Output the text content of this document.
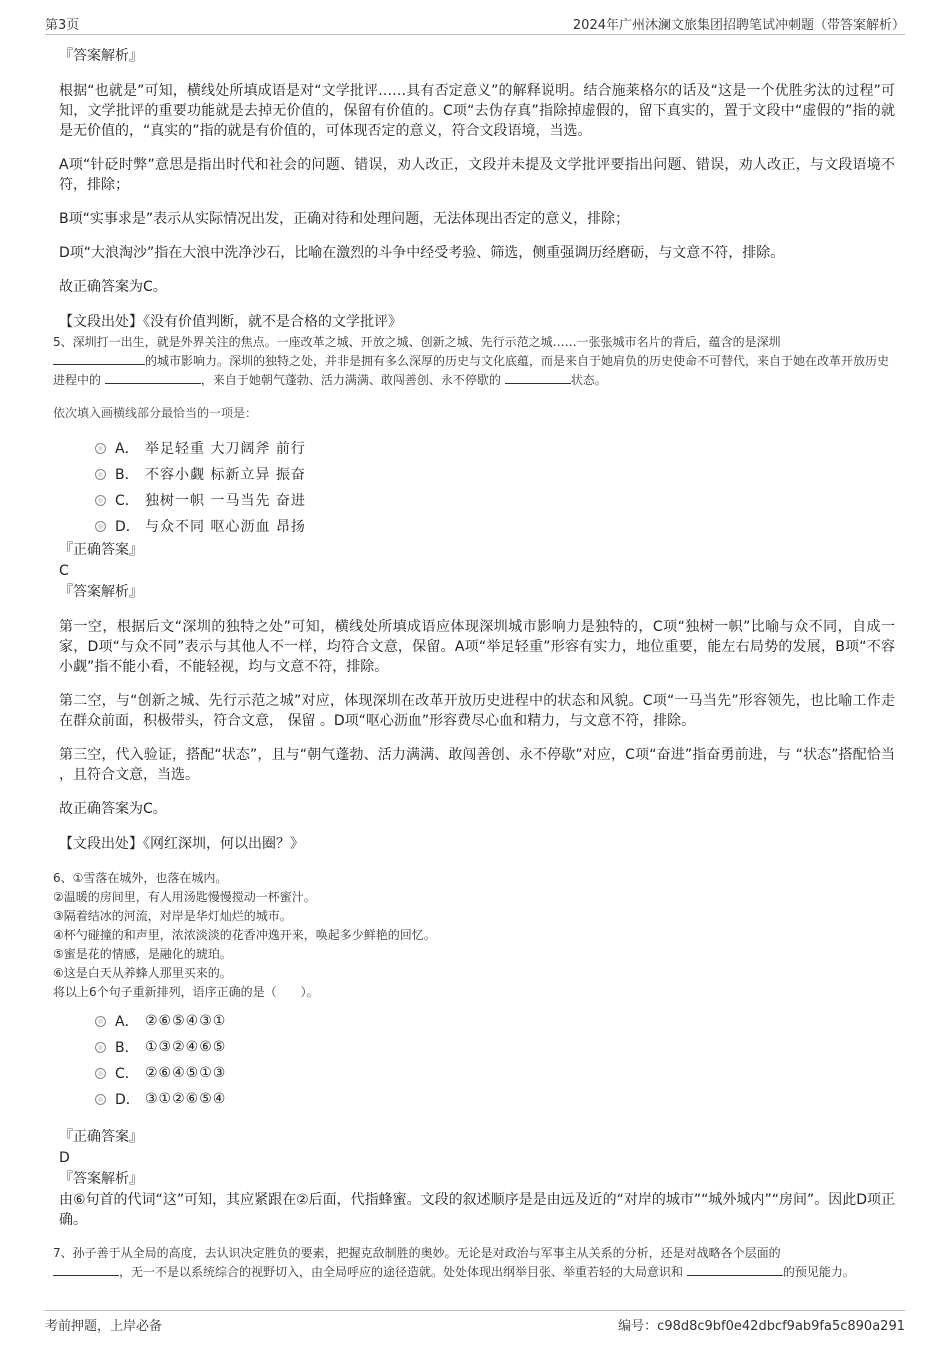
第3页	2024年广州沐澜文旅集团招聘笔试冲刺题（带答案解析）
『答案解析』

根据“也就是”可知，横线处所填成语是对“文学批评……具有否定意义”的解释说明。结合施莱格尔的话及“这是一个优胜劣汰的过程”可知，文学批评的重要功能就是去掉无价值的，保留有价值的。C项“去伪存真”指除掉虚假的，留下真实的，置于文段中“虚假的”指的就是无价值的，“真实的”指的就是有价值的，可体现否定的意义，符合文段语境，当选。

A项“针砭时弊”意思是指出时代和社会的问题、错误，劝人改正，文段并未提及文学批评要指出问题、错误，劝人改正，与文段语境不符，排除；

B项“实事求是”表示从实际情况出发，正确对待和处理问题，无法体现出否定的意义，排除；

D项“大浪淘沙”指在大浪中洗净沙石，比喻在激烈的斗争中经受考验、筛选，侧重强调历经磨砺，与文意不符，排除。

故正确答案为C。

【文段出处】《没有价值判断，就不是合格的文学批评》
5、深圳打一出生，就是外界关注的焦点。一座改革之城、开放之城、创新之城、先行示范之城……一张张城市名片的背后，蕴含的是深圳
的城市影响力。深圳的独特之处，并非是拥有多么深厚的历史与文化底蕴，而是来自于她肩负的历史使命不可替代，来自于她在改革开放历史进程中的	，来自于她朝气蓬勃、活力满满、敢闯善创、永不停歇的	状态。
依次填入画横线部分最恰当的一项是：
A． 举足轻重 大刀阔斧 前行
B． 不容小觑 标新立异 振奋
C． 独树一帜 一马当先 奋进
D． 与众不同 呕心沥血 昂扬
『正确答案』
C
『答案解析』

第一空，根据后文“深圳的独特之处”可知，横线处所填成语应体现深圳城市影响力是独特的，C项“独树一帜”比喻与众不同，自成一家，D项“与众不同”表示与其他人不一样，均符合文意，保留。A项“举足轻重”形容有实力，地位重要，能左右局势的发展，B项“不容小觑”指不能小看，不能轻视，均与文意不符，排除。

第二空，与“创新之城、先行示范之城”对应，体现深圳在改革开放历史进程中的状态和风貌。C项“一马当先”形容领先，也比喻工作走在群众前面，积极带头，符合文意， 保留 。D项“呕心沥血”形容费尽心血和精力，与文意不符，排除。

第三空，代入验证，搭配“状态”，且与“朝气蓬勃、活力满满、敢闯善创、永不停歇”对应，C项“奋进”指奋勇前进，与 “状态”搭配恰当 ，且符合文意，当选。

故正确答案为C。

【文段出处】《网红深圳，何以出圈？》
6、①雪落在城外，也落在城内。
②温暖的房间里，有人用汤匙慢慢搅动一杯蜜汁。
③隔着结冰的河流，对岸是华灯灿烂的城市。
④杯勺碰撞的和声里，浓浓淡淡的花香冲逸开来，唤起多少鲜艳的回忆。
⑤蜜是花的情感，是融化的琥珀。
⑥这是白天从养蜂人那里买来的。
将以上6个句子重新排列，语序正确的是（　　）。
A． ②⑥⑤④③①
B． ①③②④⑥⑤
C． ②⑥④⑤①③
D． ③①②⑥⑤④
『正确答案』
D
『答案解析』

由⑥句首的代词“这”可知，其应紧跟在②后面，代指蜂蜜。文段的叙述顺序是是由远及近的“对岸的城市”“城外城内”“房间”。因此D项正确。

7、孙子善于从全局的高度，去认识决定胜负的要素，把握克敌制胜的奥妙。无论是对政治与军事主从关系的分析，还是对战略各个层面的
，无一不是以系统综合的视野切入，由全局呼应的途径造就。处处体现出纲举目张、举重若轻的大局意识和	的预见能力。
考前押题，上岸必备	编号：c98d8c9bf0e42dbcf9ab9fa5c890a291
